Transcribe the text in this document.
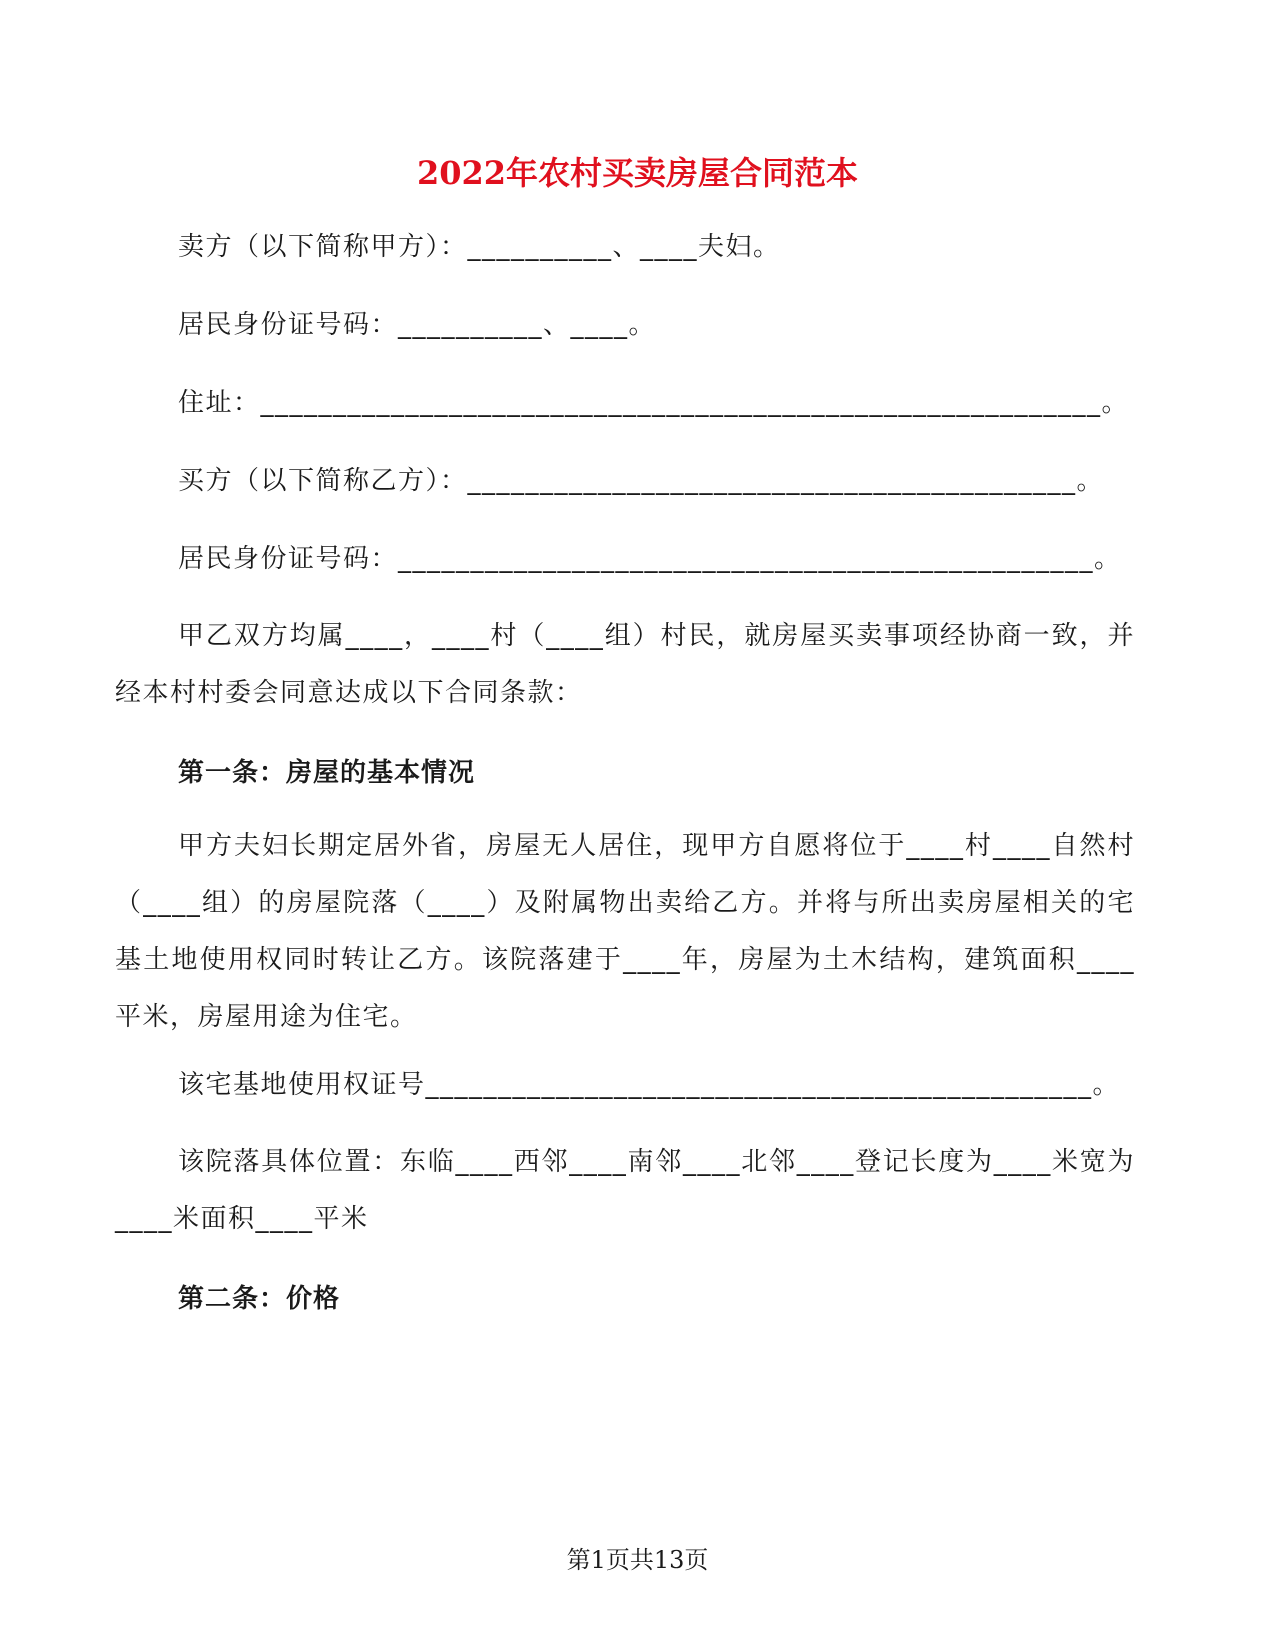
2022年农村买卖房屋合同范本
卖方（以下简称甲方）：__________、____夫妇。
居民身份证号码：__________、____。
住址：__________________________________________________________。
买方（以下简称乙方）：__________________________________________。
居民身份证号码：________________________________________________。
甲乙双方均属____，____村（____组）村民，就房屋买卖事项经协商一致，并经本村村委会同意达成以下合同条款：
第一条：房屋的基本情况
甲方夫妇长期定居外省，房屋无人居住，现甲方自愿将位于____村____自然村（____组）的房屋院落（____）及附属物出卖给乙方。并将与所出卖房屋相关的宅基土地使用权同时转让乙方。该院落建于____年，房屋为土木结构，建筑面积____平米，房屋用途为住宅。
该宅基地使用权证号______________________________________________。
该院落具体位置：东临____西邻____南邻____北邻____登记长度为____米宽为____米面积____平米
第二条：价格
第1页共13页
